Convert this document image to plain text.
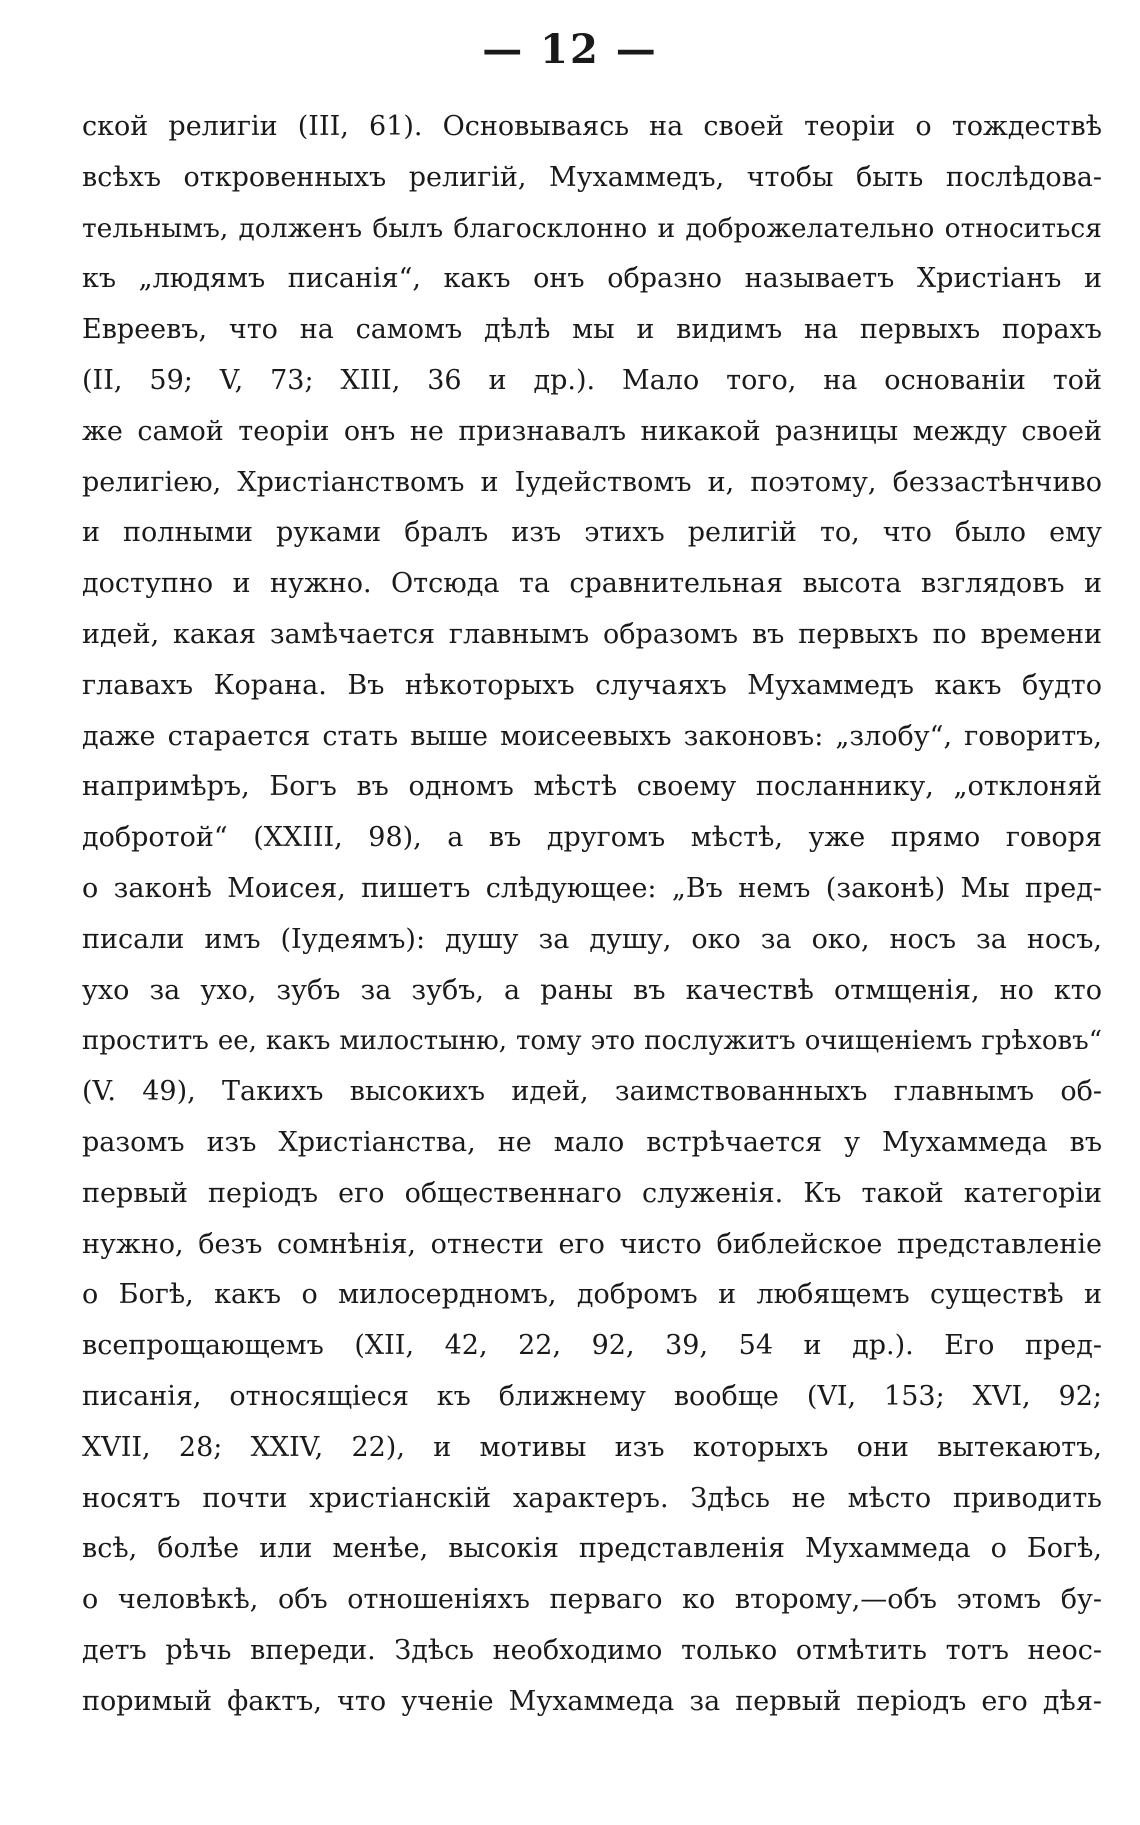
— 12 —
ской религіи (III, 61). Основываясь на своей теоріи о тождествѣ
всѣхъ откровенныхъ религій, Мухаммедъ, чтобы быть послѣдова-
тельнымъ, долженъ былъ благосклонно и доброжелательно относиться
къ „людямъ писанія“, какъ онъ образно называетъ Христіанъ и
Евреевъ, что на самомъ дѣлѣ мы и видимъ на первыхъ порахъ
(II, 59; V, 73; XIII, 36 и др.). Мало того, на основаніи той
же самой теоріи онъ не признавалъ никакой разницы между своей
религіею, Христіанствомъ и Іудействомъ и, поэтому, беззастѣнчиво
и полными руками бралъ изъ этихъ религій то, что было ему
доступно и нужно. Отсюда та сравнительная высота взглядовъ и
идей, какая замѣчается главнымъ образомъ въ первыхъ по времени
главахъ Корана. Въ нѣкоторыхъ случаяхъ Мухаммедъ какъ будто
даже старается стать выше моисеевыхъ законовъ: „злобу“, говоритъ,
напримѣръ, Богъ въ одномъ мѣстѣ своему посланнику, „отклоняй
добротой“ (XXIII, 98), а въ другомъ мѣстѣ, уже прямо говоря
о законѣ Моисея, пишетъ слѣдующее: „Въ немъ (законѣ) Мы пред-
писали имъ (Іудеямъ): душу за душу, око за око, носъ за носъ,
ухо за ухо, зубъ за зубъ, а раны въ качествѣ отмщенія, но кто
проститъ ее, какъ милостыню, тому это послужитъ очищеніемъ грѣховъ“
(V. 49), Такихъ высокихъ идей, заимствованныхъ главнымъ об-
разомъ изъ Христіанства, не мало встрѣчается у Мухаммеда въ
первый періодъ его общественнаго служенія. Къ такой категоріи
нужно, безъ сомнѣнія, отнести его чисто библейское представленіе
о Богѣ, какъ о милосердномъ, добромъ и любящемъ существѣ и
всепрощающемъ (XII, 42, 22, 92, 39, 54 и др.). Его пред-
писанія, относящіеся къ ближнему вообще (VI, 153; XVI, 92;
XVII, 28; XXIV, 22), и мотивы изъ которыхъ они вытекаютъ,
носятъ почти христіанскій характеръ. Здѣсь не мѣсто приводить
всѣ, болѣе или менѣе, высокія представленія Мухаммеда о Богѣ,
о человѣкѣ, объ отношеніяхъ перваго ко второму,—объ этомъ бу-
детъ рѣчь впереди. Здѣсь необходимо только отмѣтить тотъ неос-
поримый фактъ, что ученіе Мухаммеда за первый періодъ его дѣя-
